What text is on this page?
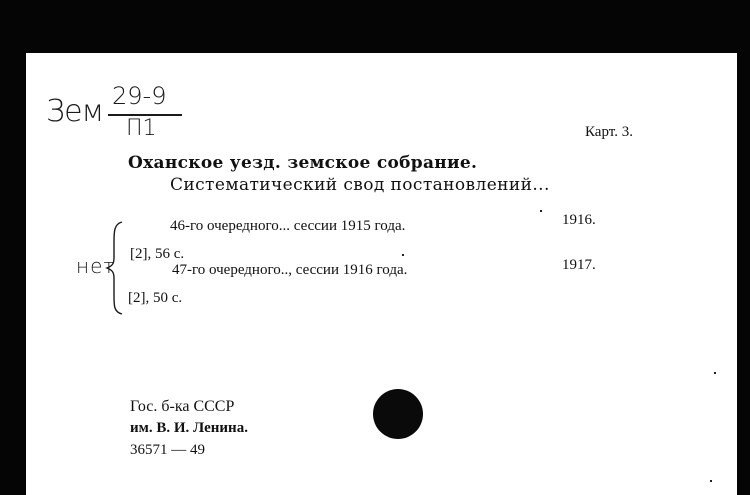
Зем 29-9
П1	Карт. 3.
Оханское уезд. земское собрание.
Систематический свод постановлений...
нет
46-го очередного... сессии 1915 года.
[2], 56 с.
1916.
47-го очередного.., сессии 1916 года.
[2], 50 с.
1917.
Гос. б-ка СССР
им. В. И. Ленина.
36571 — 49
